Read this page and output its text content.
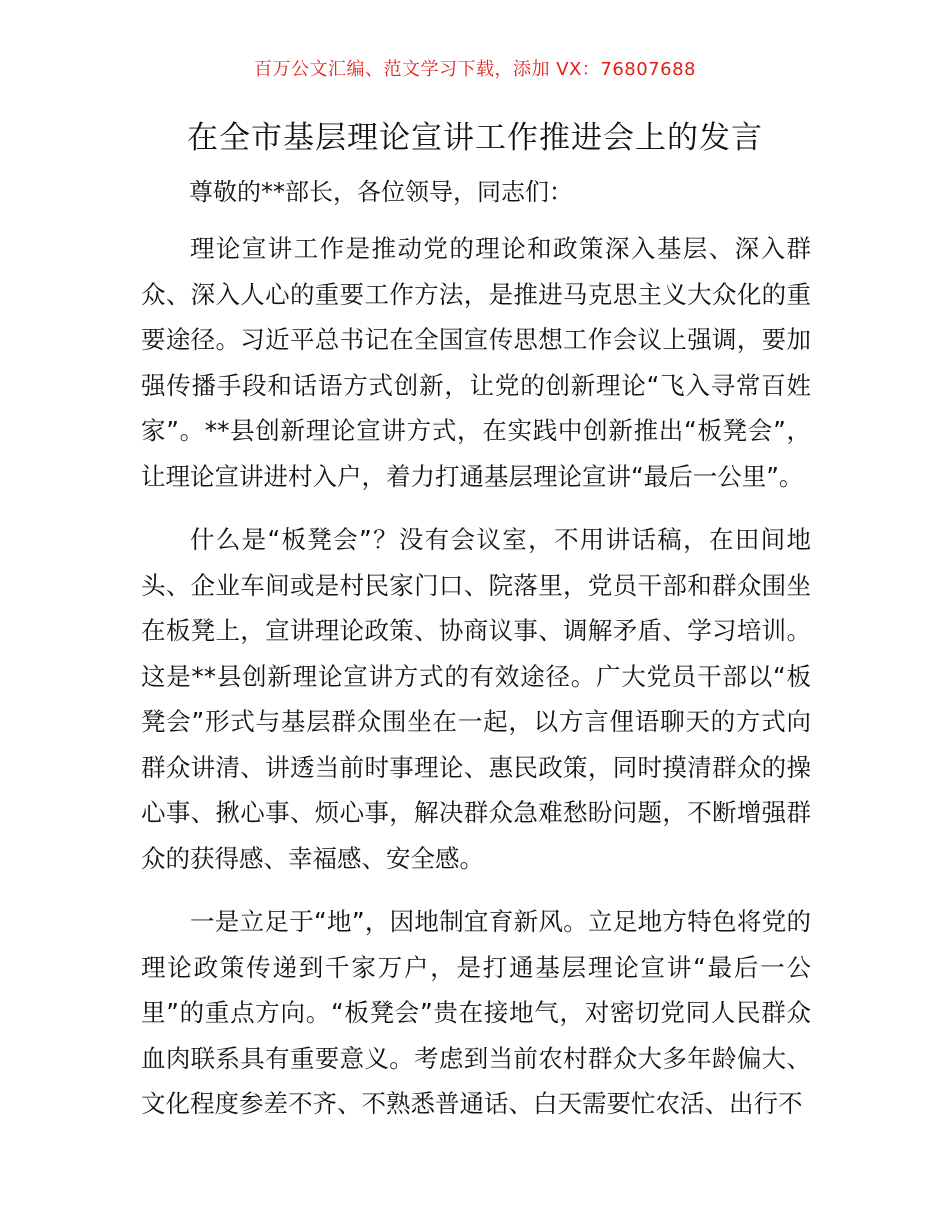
百万公文汇编、范文学习下载，添加 VX：76807688
在全市基层理论宣讲工作推进会上的发言
尊敬的**部长，各位领导，同志们：

理论宣讲工作是推动党的理论和政策深入基层、深入群众、深入人心的重要工作方法，是推进马克思主义大众化的重要途径。习近平总书记在全国宣传思想工作会议上强调，要加强传播手段和话语方式创新，让党的创新理论“飞入寻常百姓家”。**县创新理论宣讲方式，在实践中创新推出“板凳会”，让理论宣讲进村入户，着力打通基层理论宣讲“最后一公里”。

什么是“板凳会”？没有会议室，不用讲话稿，在田间地头、企业车间或是村民家门口、院落里，党员干部和群众围坐在板凳上，宣讲理论政策、协商议事、调解矛盾、学习培训。这是**县创新理论宣讲方式的有效途径。广大党员干部以“板凳会”形式与基层群众围坐在一起，以方言俚语聊天的方式向群众讲清、讲透当前时事理论、惠民政策，同时摸清群众的操心事、揪心事、烦心事，解决群众急难愁盼问题，不断增强群众的获得感、幸福感、安全感。

一是立足于“地”，因地制宜育新风。立足地方特色将党的理论政策传递到千家万户，是打通基层理论宣讲“最后一公里”的重点方向。“板凳会”贵在接地气，对密切党同人民群众血肉联系具有重要意义。考虑到当前农村群众大多年龄偏大、文化程度参差不齐、不熟悉普通话、白天需要忙农活、出行不
